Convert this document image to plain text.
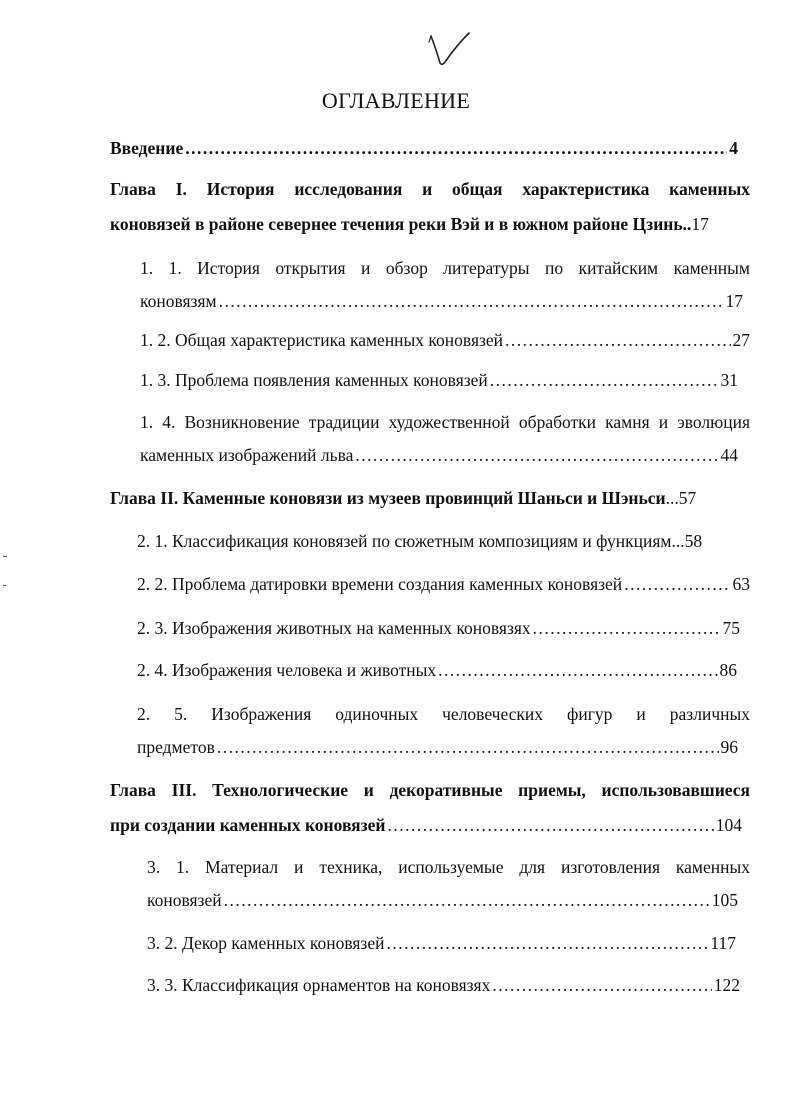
ОГЛАВЛЕНИЕ
Введение .....	4
Глава I. История исследования и общая характеристика каменных
коновязей в районе севернее течения реки Вэй и в южном районе Цзинь .. 17
1. 1. История открытия и обзор литературы по китайским каменным
коновязям .....	17
1. 2. Общая характеристика каменных коновязей .....	27
1. 3. Проблема появления каменных коновязей .....	31
1. 4. Возникновение традиции художественной обработки камня и эволюция
каменных изображений льва .....	44
Глава II. Каменные коновязи из музеев провинций Шаньси и Шэньси ... 57
2. 1. Классификация коновязей по сюжетным композициям и функциям ... 58
2. 2. Проблема датировки времени создания каменных коновязей .....	63
2. 3. Изображения животных на каменных коновязях .....	75
2. 4. Изображения человека и животных .....	86
2. 5. Изображения одиночных человеческих фигур и различных
предметов .....	96
Глава III. Технологические и декоративные приемы, использовавшиеся
при создании каменных коновязей .....	104
3. 1. Материал и техника, используемые для изготовления каменных
коновязей .....	105
3. 2. Декор каменных коновязей .....	117
3. 3. Классификация орнаментов на коновязях .....	122
